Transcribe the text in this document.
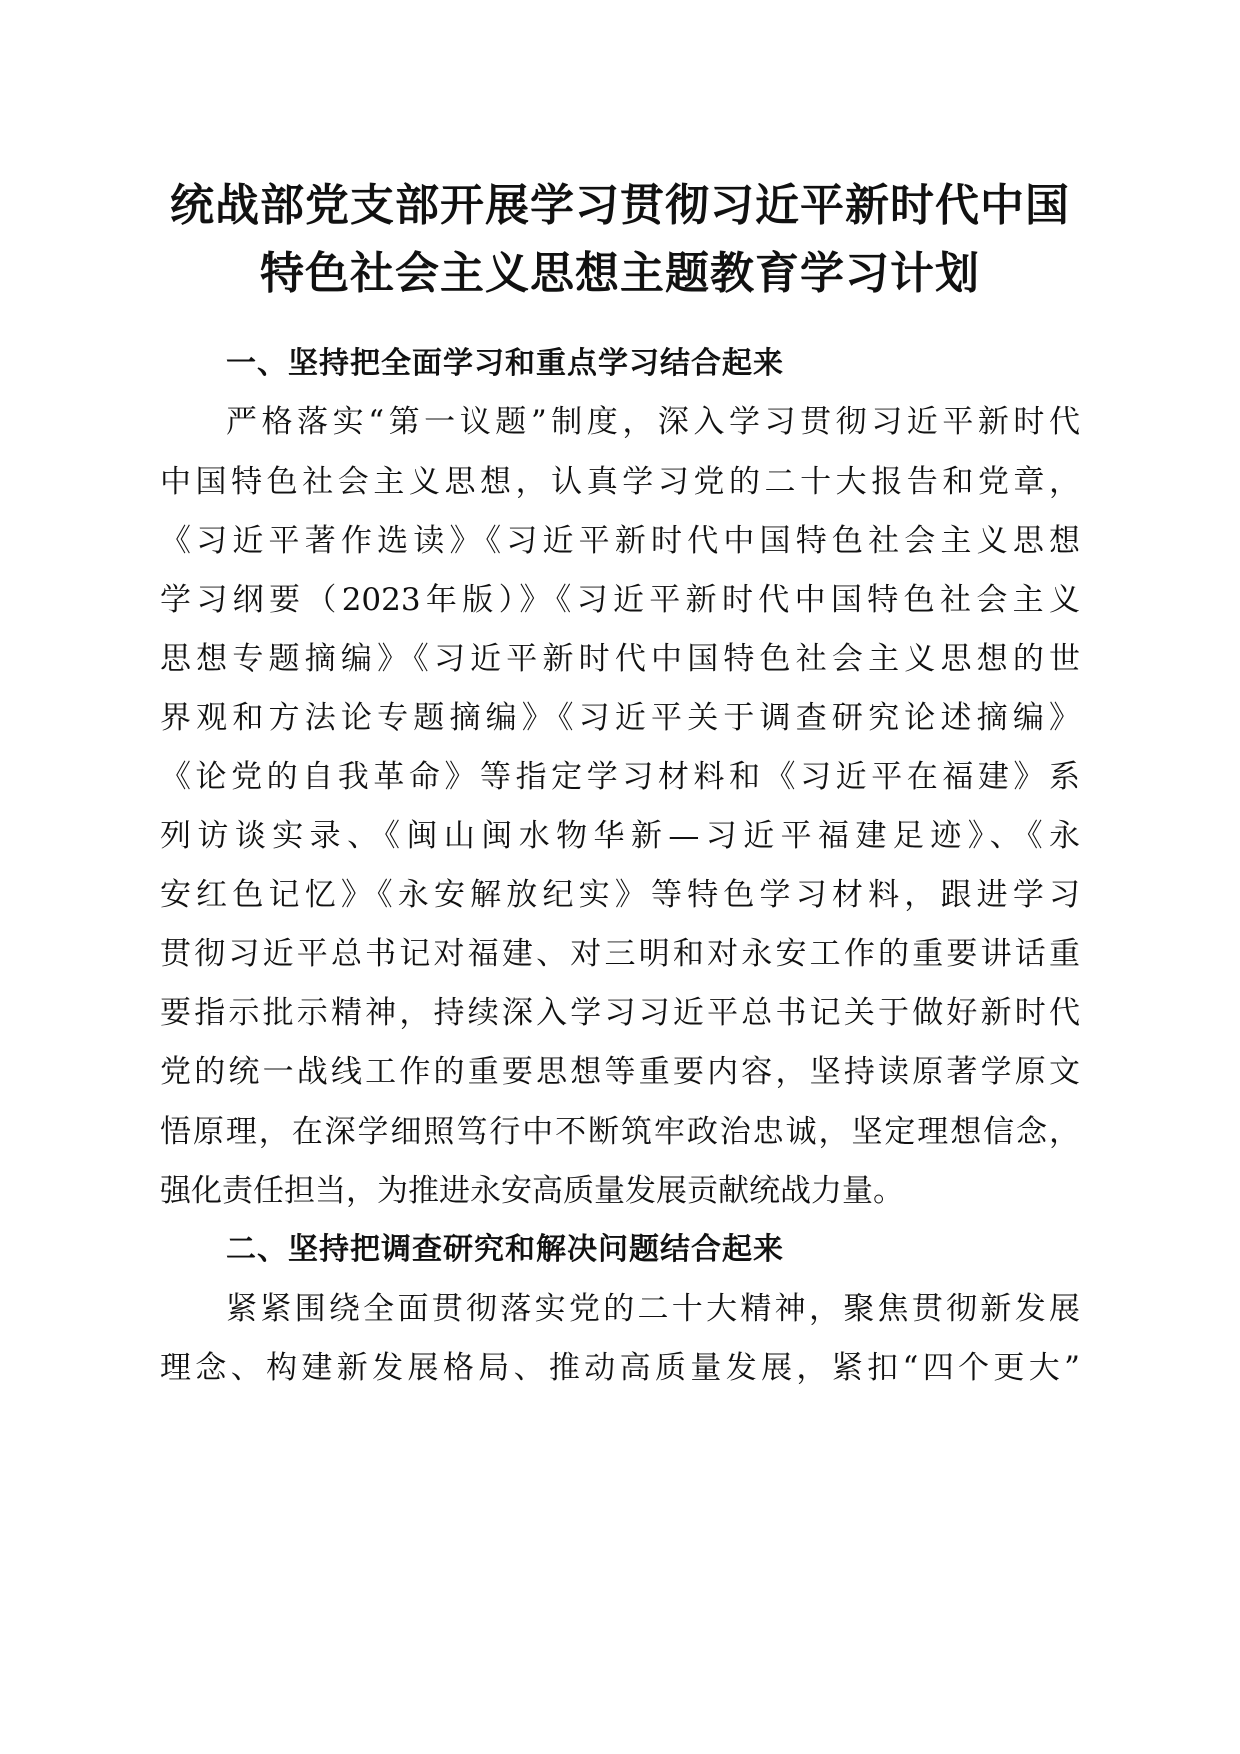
统战部党支部开展学习贯彻习近平新时代中国
特色社会主义思想主题教育学习计划
一、坚持把全面学习和重点学习结合起来
严格落实“第一议题”制度，深入学习贯彻习近平新时代
中国特色社会主义思想，认真学习党的二十大报告和党章，
《习近平著作选读》《习近平新时代中国特色社会主义思想
学习纲要（2023年版）》《习近平新时代中国特色社会主义
思想专题摘编》《习近平新时代中国特色社会主义思想的世
界观和方法论专题摘编》《习近平关于调查研究论述摘编》
《论党的自我革命》等指定学习材料和《习近平在福建》系
列访谈实录、《闽山闽水物华新—习近平福建足迹》、《永
安红色记忆》《永安解放纪实》等特色学习材料，跟进学习
贯彻习近平总书记对福建、对三明和对永安工作的重要讲话重
要指示批示精神，持续深入学习习近平总书记关于做好新时代
党的统一战线工作的重要思想等重要内容，坚持读原著学原文
悟原理，在深学细照笃行中不断筑牢政治忠诚，坚定理想信念，
强化责任担当，为推进永安高质量发展贡献统战力量。
二、坚持把调查研究和解决问题结合起来
紧紧围绕全面贯彻落实党的二十大精神，聚焦贯彻新发展
理念、构建新发展格局、推动高质量发展，紧扣“四个更大”
